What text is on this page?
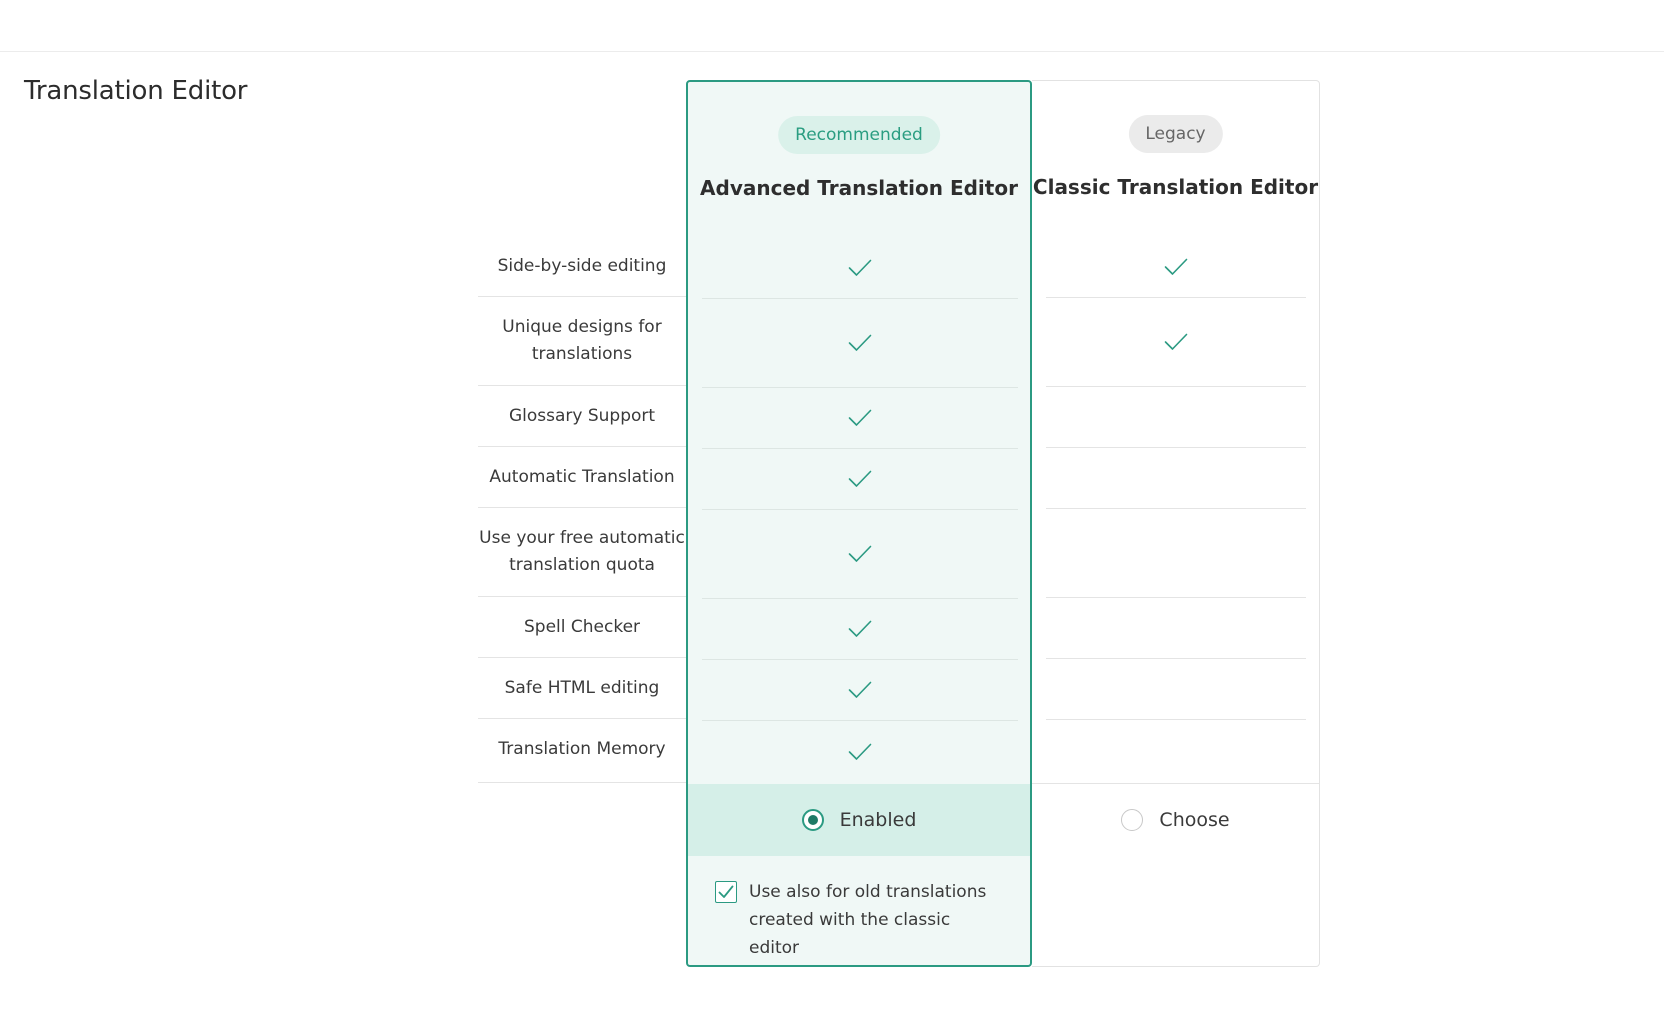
Translation Editor
Side-by-side editing
Unique designs for translations
Glossary Support
Automatic Translation
Use your free automatic translation quota
Spell Checker
Safe HTML editing
Translation Memory
Recommended
Advanced Translation Editor
Enabled
Use also for old translations created with the classic editor
Legacy
Classic Translation Editor
Choose
